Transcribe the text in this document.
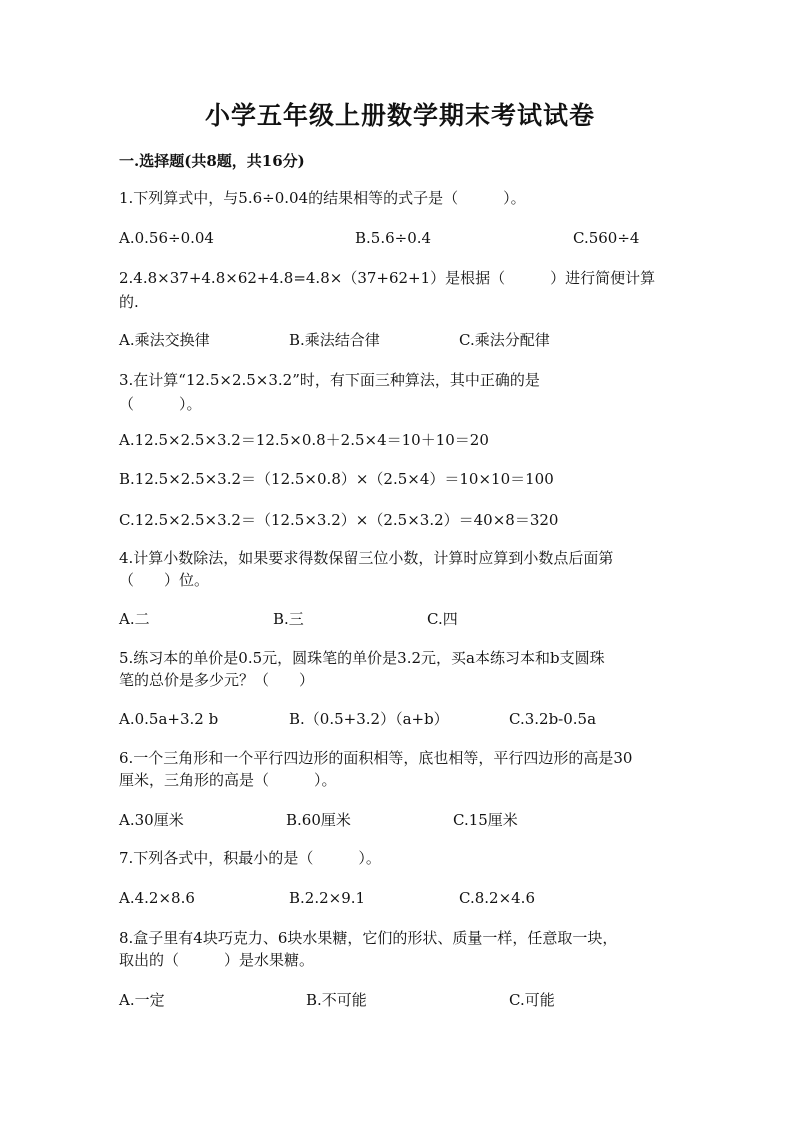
小学五年级上册数学期末考试试卷
一.选择题(共8题，共16分)
1.下列算式中，与5.6÷0.04的结果相等的式子是（　　　）。
A.0.56÷0.04	B.5.6÷0.4	C.560÷4
2.4.8×37+4.8×62+4.8=4.8×（37+62+1）是根据（　　　）进行简便计算
的.
A.乘法交换律	B.乘法结合律	C.乘法分配律
3.在计算“12.5×2.5×3.2”时，有下面三种算法，其中正确的是
（　　　）。
A.12.5×2.5×3.2＝12.5×0.8＋2.5×4＝10＋10＝20
B.12.5×2.5×3.2＝（12.5×0.8）×（2.5×4）＝10×10＝100
C.12.5×2.5×3.2＝（12.5×3.2）×（2.5×3.2）＝40×8＝320
4.计算小数除法，如果要求得数保留三位小数，计算时应算到小数点后面第
（　　）位。
A.二	B.三	C.四
5.练习本的单价是0.5元，圆珠笔的单价是3.2元，买a本练习本和b支圆珠
笔的总价是多少元？（　　）
A.0.5a+3.2 b	B.（0.5+3.2）（a+b）	C.3.2b-0.5a
6.一个三角形和一个平行四边形的面积相等，底也相等，平行四边形的高是30
厘米，三角形的高是（　　　）。
A.30厘米	B.60厘米	C.15厘米
7.下列各式中，积最小的是（　　　）。
A.4.2×8.6	B.2.2×9.1	C.8.2×4.6
8.盒子里有4块巧克力、6块水果糖，它们的形状、质量一样，任意取一块，
取出的（　　　）是水果糖。
A.一定	B.不可能	C.可能
